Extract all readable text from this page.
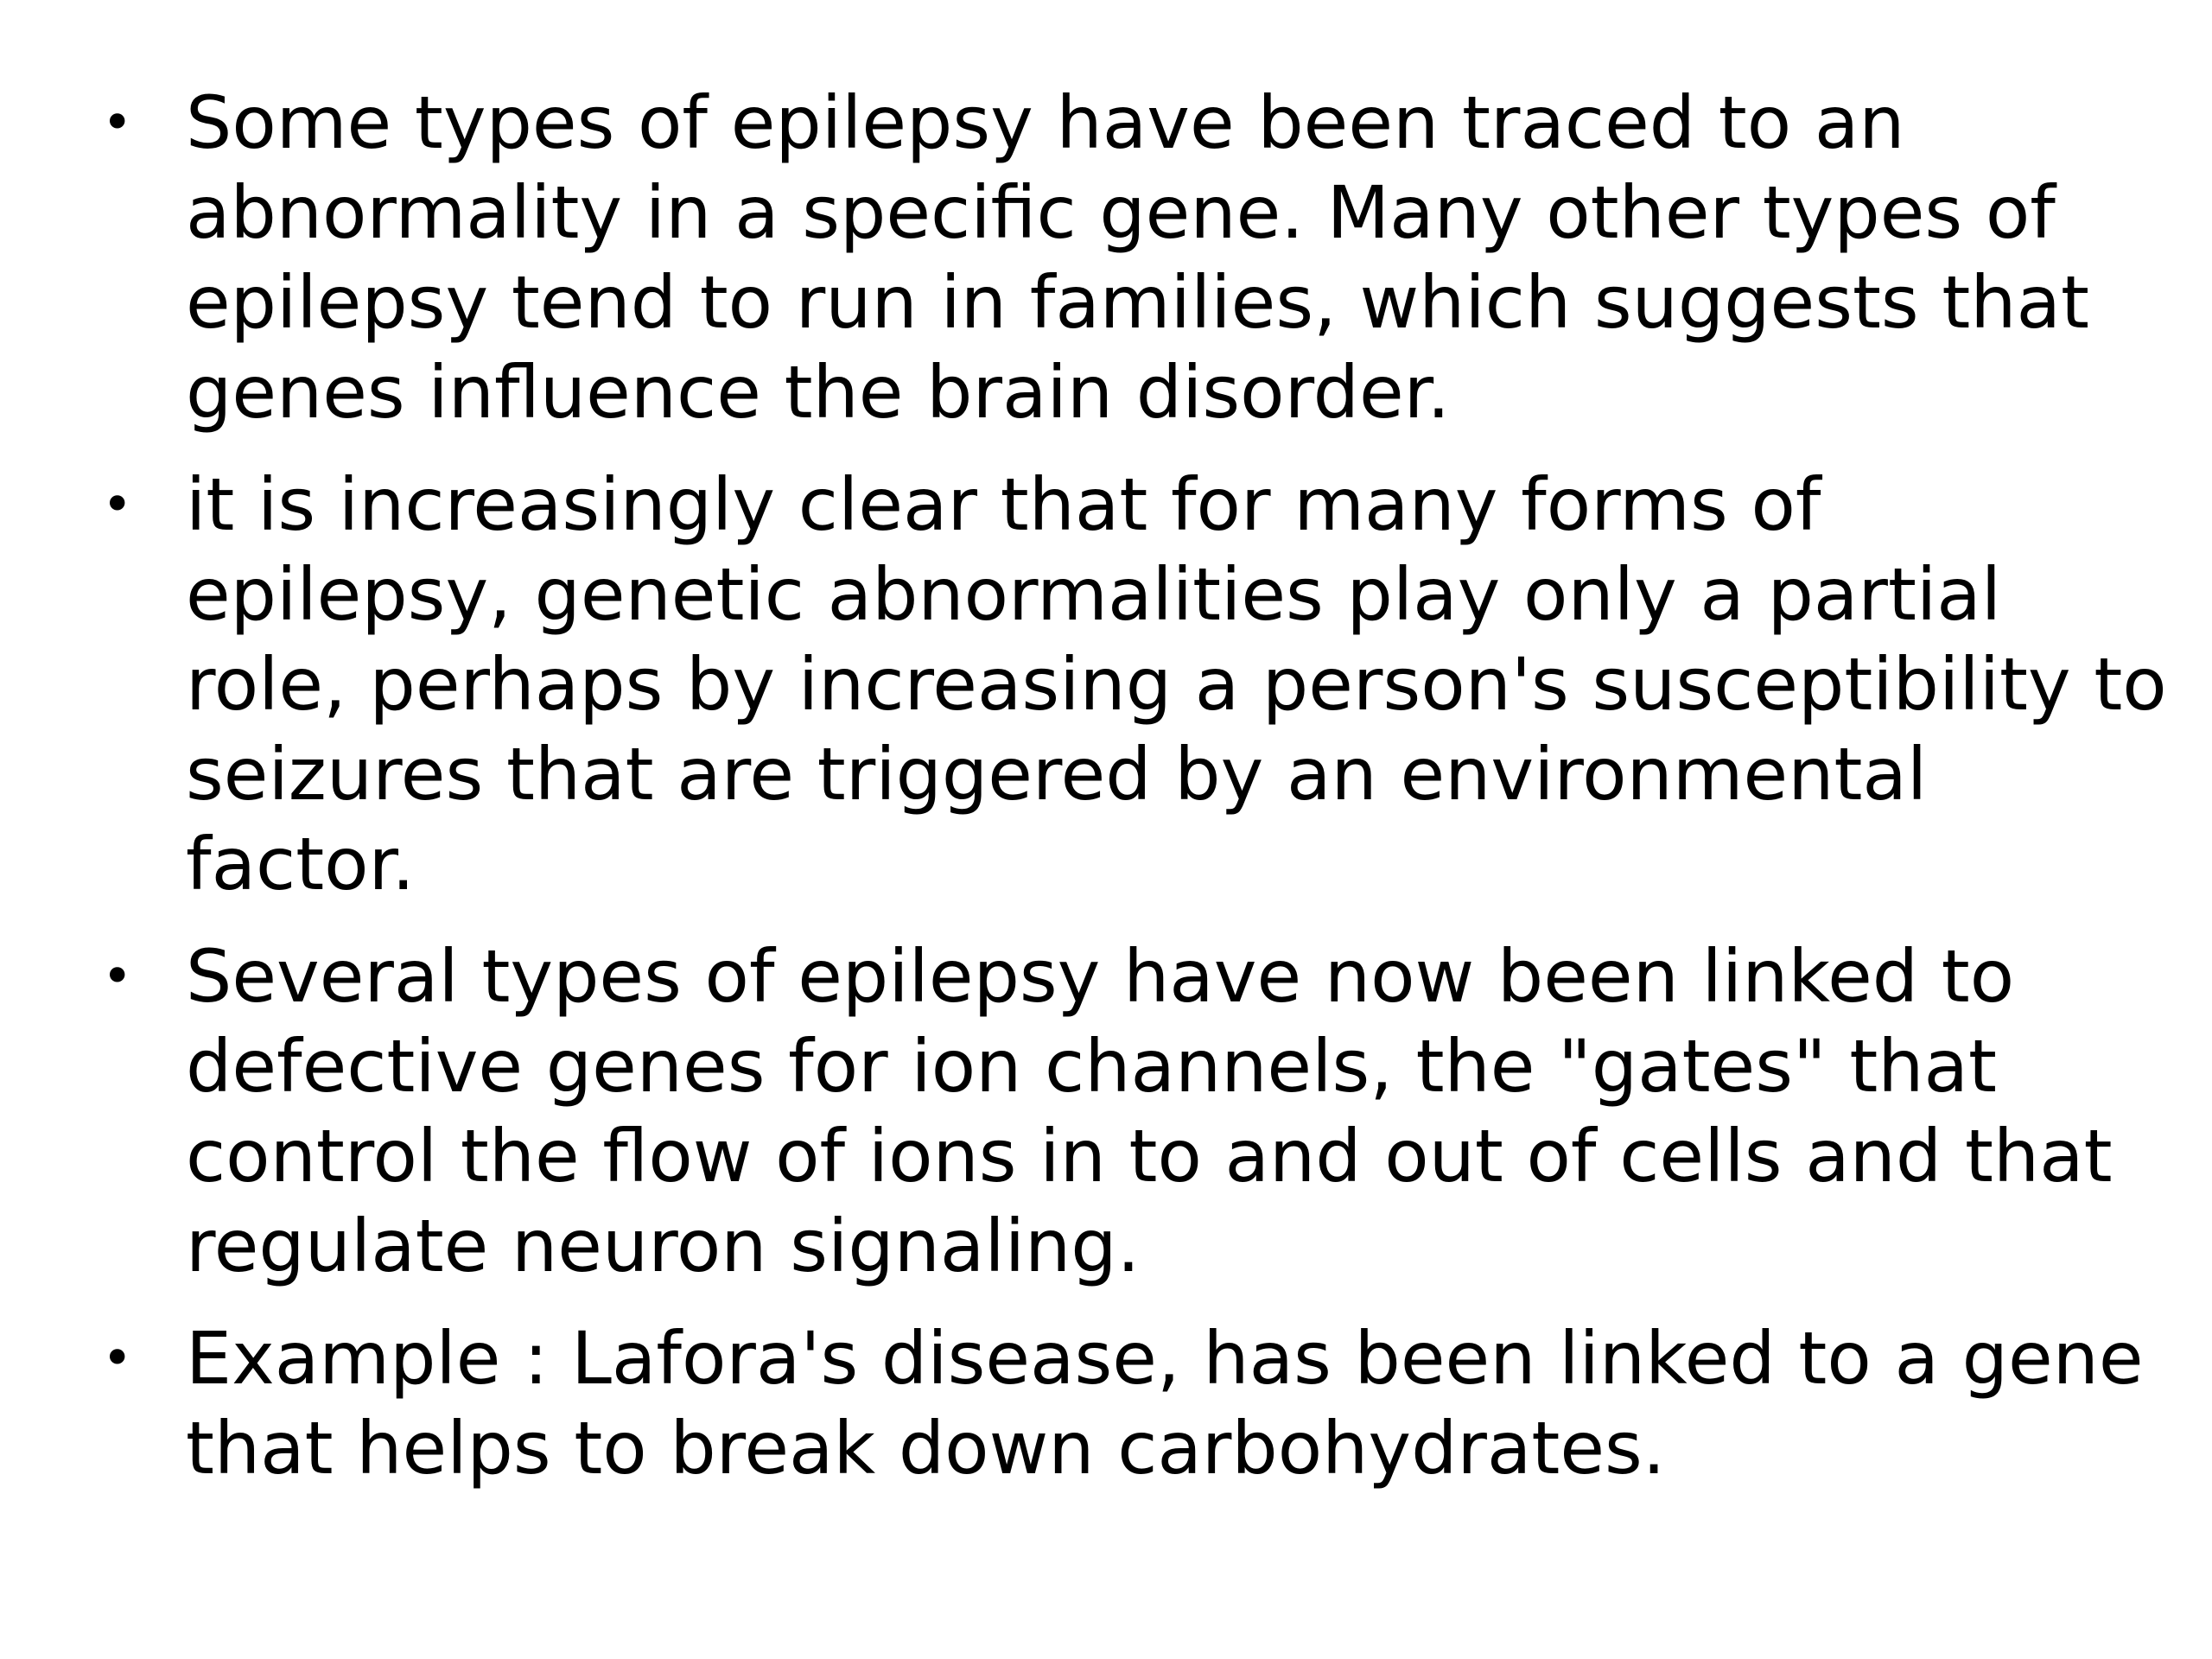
• Some types of epilepsy have been traced to an abnormality in a specific gene. Many other types of epilepsy tend to run in families, which suggests that genes influence the brain disorder.
• it is increasingly clear that for many forms of epilepsy, genetic abnormalities play only a partial role, perhaps by increasing a person's susceptibility to seizures that are triggered by an environmental factor.
• Several types of epilepsy have now been linked to defective genes for ion channels, the "gates" that control the flow of ions in to and out of cells and that regulate neuron signaling.
• Example : Lafora's disease, has been linked to a gene that helps to break down carbohydrates.
